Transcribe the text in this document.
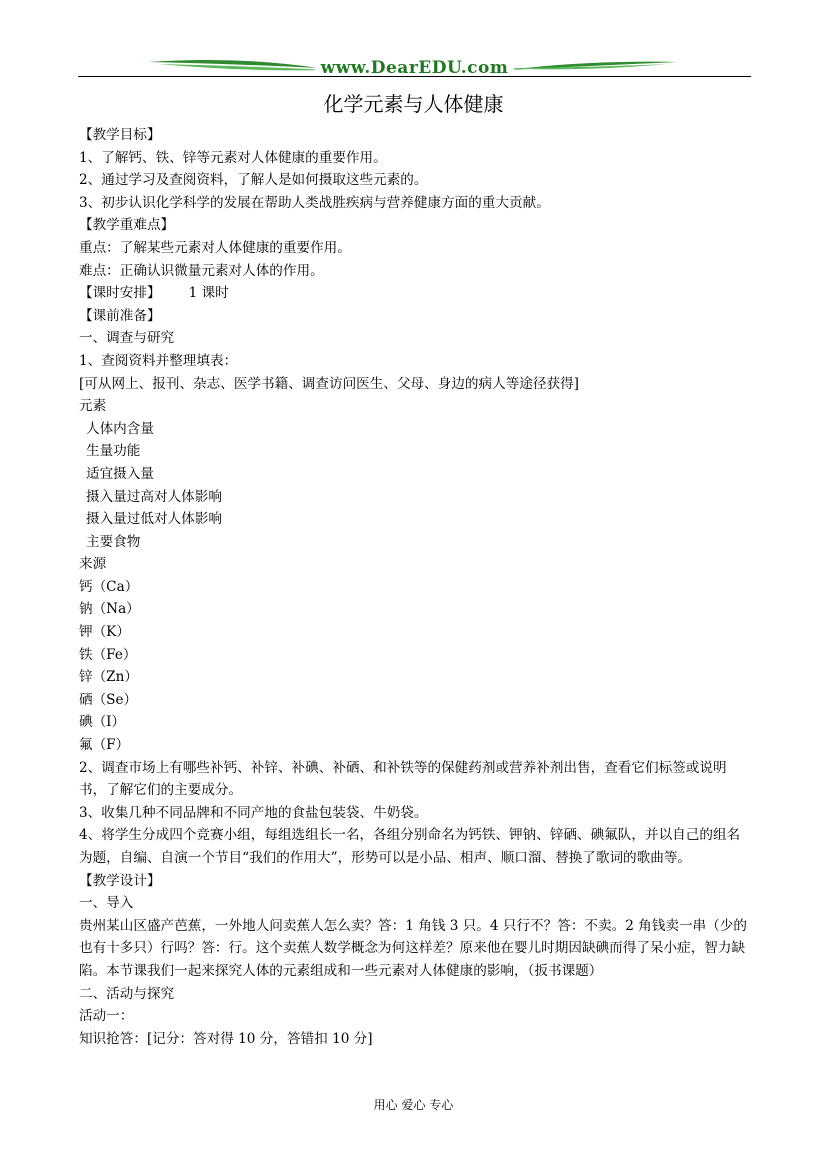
www.DearEDU.com
化学元素与人体健康

【教学目标】

1、了解钙、铁、锌等元素对人体健康的重要作用。

2、通过学习及查阅资料，了解人是如何摄取这些元素的。

3、初步认识化学科学的发展在帮助人类战胜疾病与营养健康方面的重大贡献。

【教学重难点】

重点：了解某些元素对人体健康的重要作用。

难点：正确认识微量元素对人体的作用。

【课时安排】 1 课时

【课前准备】

一、调查与研究

1、查阅资料并整理填表：

[可从网上、报刊、杂志、医学书籍、调查访问医生、父母、身边的病人等途径获得]

元素

人体内含量

生量功能

适宜摄入量

摄入量过高对人体影响

摄入量过低对人体影响

主要食物

来源

钙（Ca）

钠（Na）

钾（K）

铁（Fe）

锌（Zn）

硒（Se）

碘（I）

氟（F）

2、调查市场上有哪些补钙、补锌、补碘、补硒、和补铁等的保健药剂或营养补剂出售，查看它们标签或说明书，了解它们的主要成分。

3、收集几种不同品牌和不同产地的食盐包装袋、牛奶袋。

4、将学生分成四个竞赛小组，每组选组长一名，各组分别命名为钙铁、钾钠、锌硒、碘氟队，并以自己的组名为题，自编、自演一个节目“我们的作用大”，形势可以是小品、相声、顺口溜、替换了歌词的歌曲等。

【教学设计】

一、导入

贵州某山区盛产芭蕉，一外地人问卖蕉人怎么卖？答：1 角钱 3 只。4 只行不？答：不卖。2 角钱卖一串（少的也有十多只）行吗？答：行。这个卖蕉人数学概念为何这样差？原来他在婴儿时期因缺碘而得了呆小症，智力缺陷。本节课我们一起来探究人体的元素组成和一些元素对人体健康的影响，（扳书课题）

二、活动与探究

活动一：

知识抢答：[记分：答对得 10 分，答错扣 10 分]

用心 爱心 专心
